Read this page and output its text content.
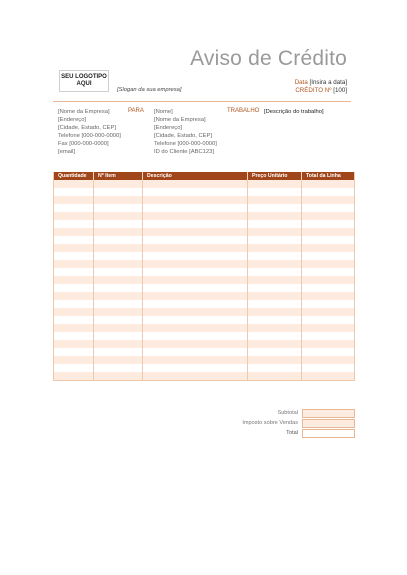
Aviso de Crédito
Data [Insira a data]
CRÉDITO Nº [100]
SEU LOGOTIPO
AQUI
[Slogan da sua empresa]
[Nome da Empresa]
[Endereço]
[Cidade, Estado, CEP]
Telefone [000-000-0000]
Fax [000-000-0000]
[email]
PARA [Nome]
[Nome da Empresa]
[Endereço]
[Cidade, Estado, CEP]
Telefone [000-000-0000]
ID do Cliente [ABC123]
TRABALHO [Descrição do trabalho]
Quantidade	Nº Item	Descrição	Preço Unitário	Total da Linha

Subtotal
Imposto sobre Vendas
Total
